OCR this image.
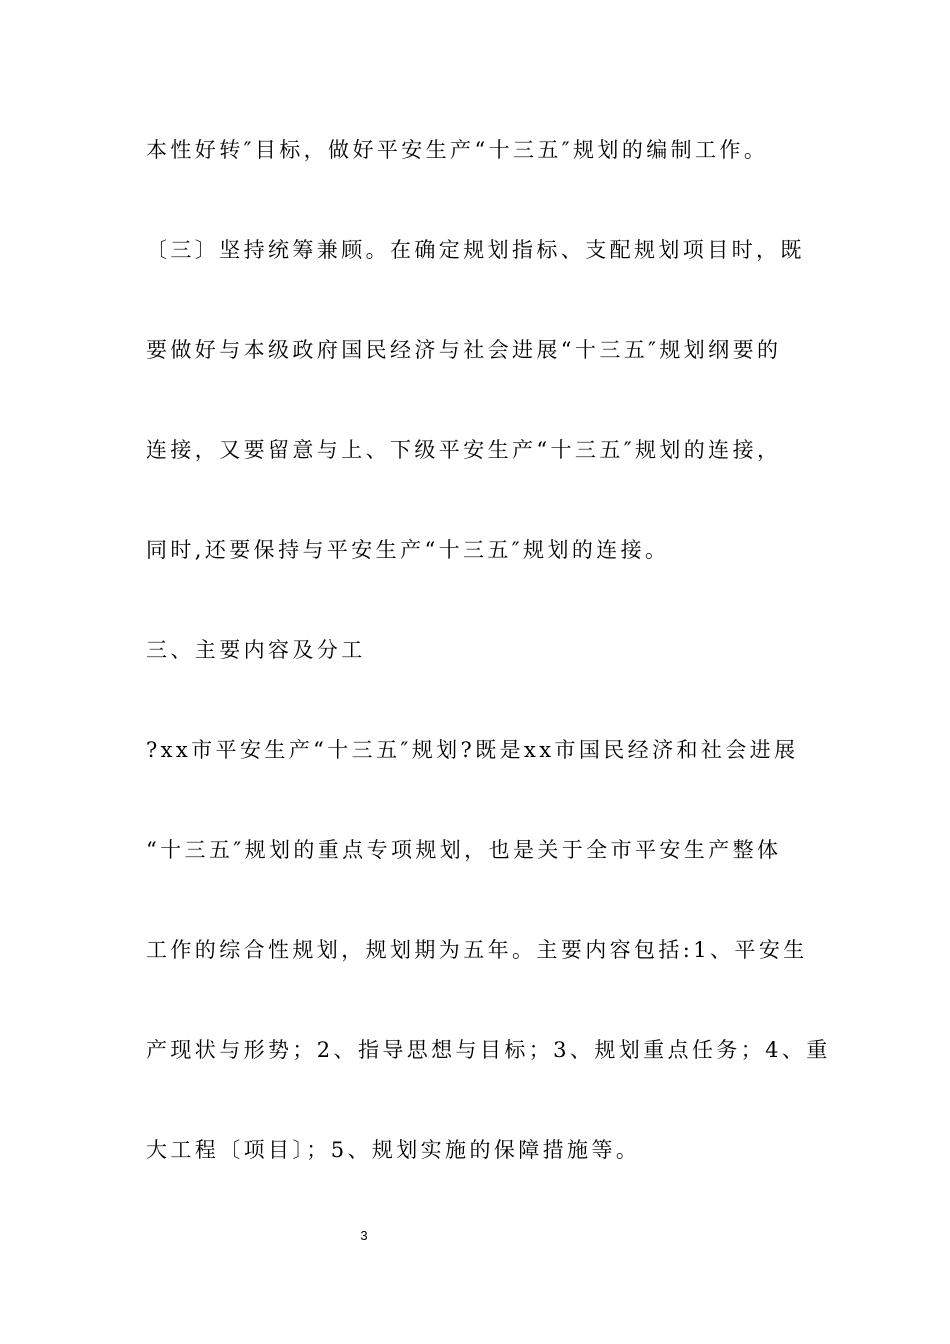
本性好转″目标，做好平安生产“十三五″规划的编制工作。
〔三〕坚持统筹兼顾。在确定规划指标、支配规划项目时，既
要做好与本级政府国民经济与社会进展“十三五″规划纲要的
连接，又要留意与上、下级平安生产“十三五″规划的连接，
同时,还要保持与平安生产“十三五″规划的连接。
三、主要内容及分工
?xx市平安生产“十三五″规划?既是xx市国民经济和社会进展
“十三五″规划的重点专项规划，也是关于全市平安生产整体
工作的综合性规划，规划期为五年。主要内容包括:1、平安生
产现状与形势；2、指导思想与目标；3、规划重点任务；4、重
大工程〔项目〕；5、规划实施的保障措施等。
3
